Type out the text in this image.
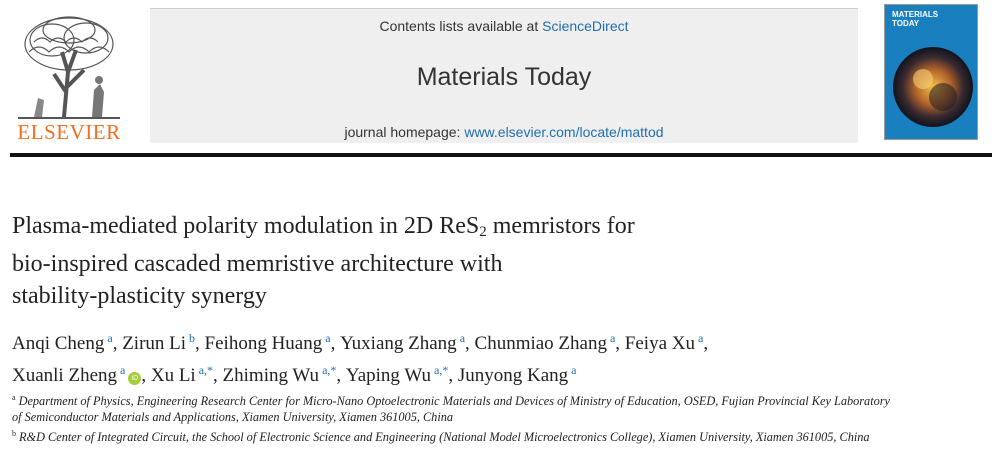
ELSEVIER
Contents lists available at ScienceDirect
Materials Today
journal homepage: www.elsevier.com/locate/mattod
MATERIALS
TODAY
Plasma-mediated polarity modulation in 2D ReS$_2$ memristors for
bio-inspired cascaded memristive architecture with
stability-plasticity synergy
Anqi Cheng $^a$, Zirun Li $^b$, Feihong Huang $^a$, Yuxiang Zhang $^a$, Chunmiao Zhang $^a$, Feiya Xu $^a$,
Xuanli Zheng $^a$iD , Xu Li $^{a,*}$, Zhiming Wu $^{a,*}$, Yaping Wu $^{a,*}$, Junyong Kang $^a$
$^a$ Department of Physics, Engineering Research Center for Micro-Nano Optoelectronic Materials and Devices of Ministry of Education, OSED, Fujian Provincial Key Laboratory of Semiconductor Materials and Applications, Xiamen University, Xiamen 361005, China
$^b$ R&D Center of Integrated Circuit, the School of Electronic Science and Engineering (National Model Microelectronics College), Xiamen University, Xiamen 361005, China
